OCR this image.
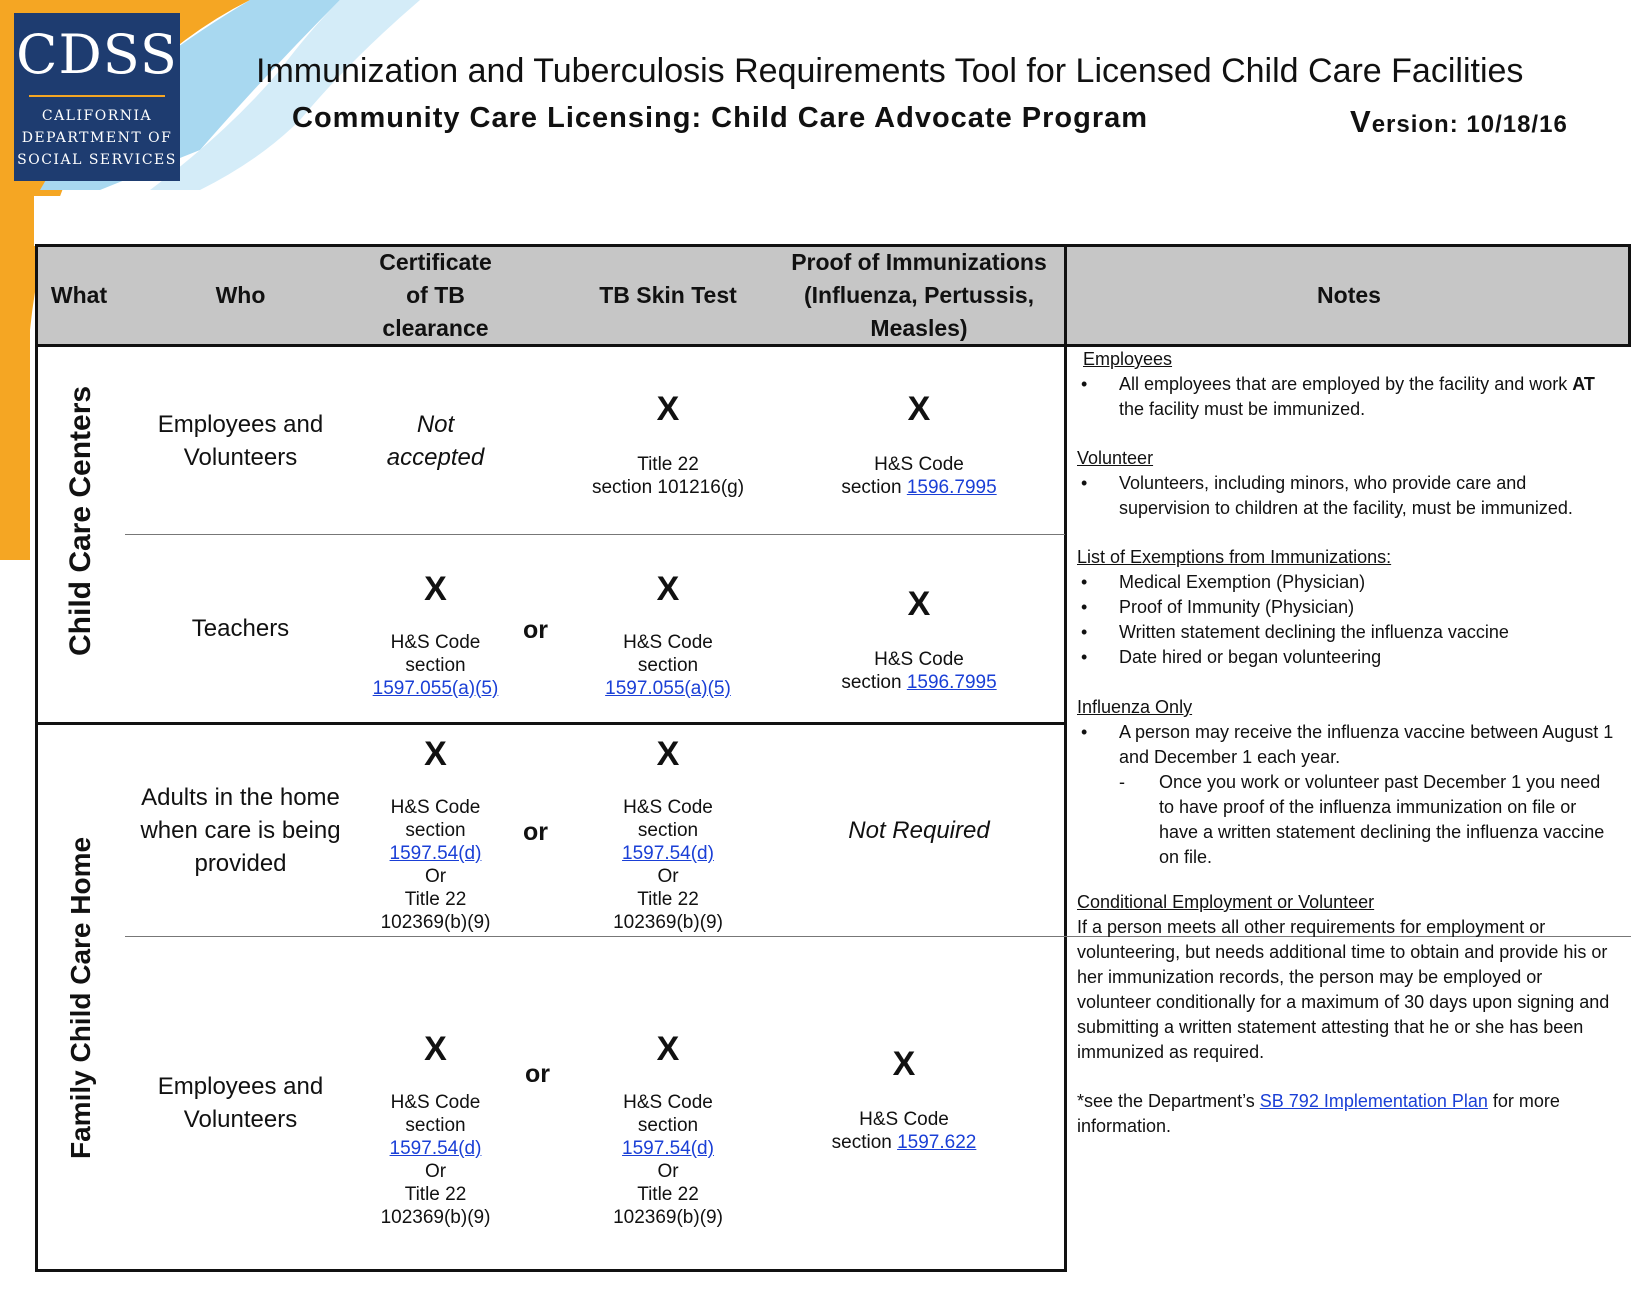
CDSS
CALIFORNIA
DEPARTMENT OF
SOCIAL SERVICES
Immunization and Tuberculosis Requirements Tool for Licensed Child Care Facilities
Community Care Licensing: Child Care Advocate Program	Version: 10/18/16
What	Who
Certificate
of TB
clearance
TB Skin Test
Proof of Immunizations
(Influenza, Pertussis,
Measles)
Notes
Child Care Centers
Family Child Care Home
Employees and
Volunteers
Not
accepted
X
Title 22
section 101216(g)
X
H&S Code
section 1596.7995
Teachers
X
H&S Code
section
1597.055(a)(5)
or
X
H&S Code
section
1597.055(a)(5)
X
H&S Code
section 1596.7995
Adults in the home
when care is being
provided
X
H&S Code
section
1597.54(d)
Or
Title 22
102369(b)(9)
or
X
H&S Code
section
1597.54(d)
Or
Title 22
102369(b)(9)
Not Required
Employees and
Volunteers
X
H&S Code
section
1597.54(d)
Or
Title 22
102369(b)(9)
or
X
H&S Code
section
1597.54(d)
Or
Title 22
102369(b)(9)
X
H&S Code
section 1597.622
Employees
• All employees that are employed by the facility and work AT the facility must be immunized.
Volunteer
• Volunteers, including minors, who provide care and supervision to children at the facility, must be immunized.
List of Exemptions from Immunizations:
• Medical Exemption (Physician)
• Proof of Immunity (Physician)
• Written statement declining the influenza vaccine
• Date hired or began volunteering
Influenza Only
• A person may receive the influenza vaccine between August 1 and December 1 each year.
- Once you work or volunteer past December 1 you need to have proof of the influenza immunization on file or have a written statement declining the influenza vaccine on file.
Conditional Employment or Volunteer
If a person meets all other requirements for employment or volunteering, but needs additional time to obtain and provide his or her immunization records, the person may be employed or volunteer conditionally for a maximum of 30 days upon signing and submitting a written statement attesting that he or she has been immunized as required.
*see the Department’s SB 792 Implementation Plan for more information.
